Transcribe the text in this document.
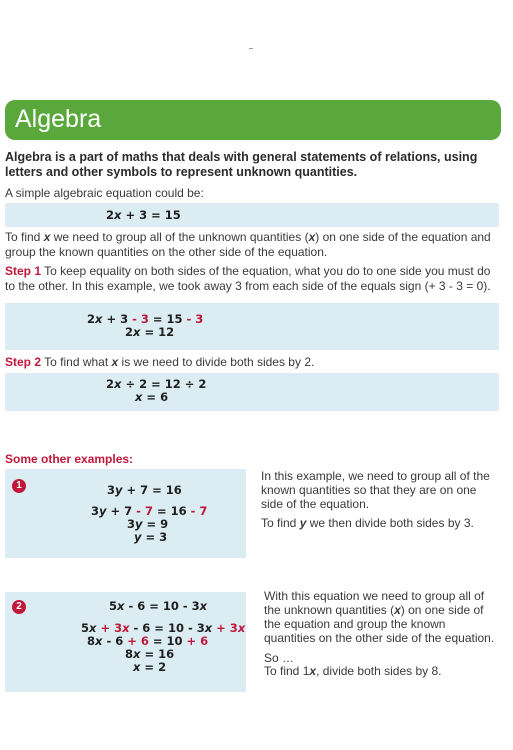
Algebra
Algebra is a part of maths that deals with general statements of relations, using letters and other symbols to represent unknown quantities.
A simple algebraic equation could be:
2x + 3 = 15
To find x we need to group all of the unknown quantities (x) on one side of the equation and group the known quantities on the other side of the equation.
Step 1 To keep equality on both sides of the equation, what you do to one side you must do to the other. In this example, we took away 3 from each side of the equals sign (+ 3 - 3 = 0).
2x + 3 - 3 = 15 - 3
2x = 12
Step 2 To find what x is we need to divide both sides by 2.
2x ÷ 2 = 12 ÷ 2
x = 6
Some other examples:
1	3y + 7 = 16
3y + 7 - 7 = 16 - 7
3y = 9
y = 3
In this example, we need to group all of the known quantities so that they are on one side of the equation.
To find y we then divide both sides by 3.
2	5x - 6 = 10 - 3x
5x + 3x - 6 = 10 - 3x + 3x
8x - 6 + 6 = 10 + 6
8x = 16
x = 2
With this equation we need to group all of the unknown quantities (x) on one side of the equation and group the known quantities on the other side of the equation.
So …
To find 1x, divide both sides by 8.
